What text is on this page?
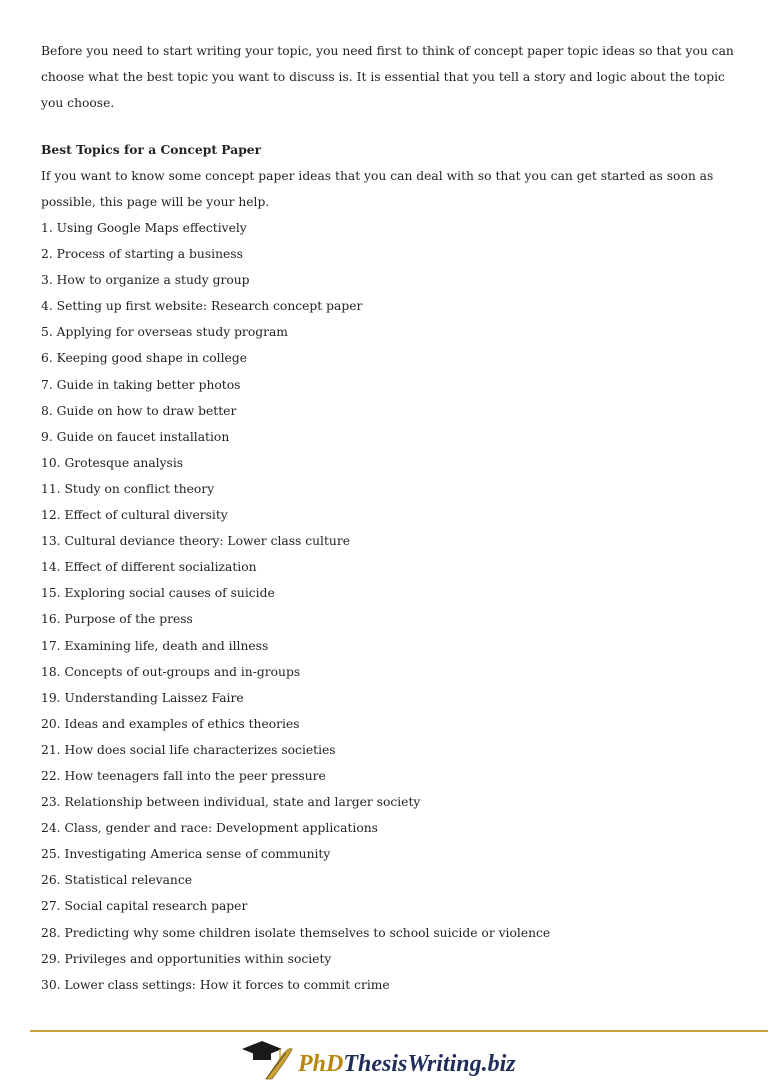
Before you need to start writing your topic, you need first to think of concept paper topic ideas so that you can choose what the best topic you want to discuss is. It is essential that you tell a story and logic about the topic you choose.

Best Topics for a Concept Paper

If you want to know some concept paper ideas that you can deal with so that you can get started as soon as possible, this page will be your help.

1. Using Google Maps effectively
2. Process of starting a business
3. How to organize a study group
4. Setting up first website: Research concept paper
5. Applying for overseas study program
6. Keeping good shape in college
7. Guide in taking better photos
8. Guide on how to draw better
9. Guide on faucet installation
10. Grotesque analysis
11. Study on conflict theory
12. Effect of cultural diversity
13. Cultural deviance theory: Lower class culture
14. Effect of different socialization
15. Exploring social causes of suicide
16. Purpose of the press
17. Examining life, death and illness
18. Concepts of out-groups and in-groups
19. Understanding Laissez Faire
20. Ideas and examples of ethics theories
21. How does social life characterizes societies
22. How teenagers fall into the peer pressure
23. Relationship between individual, state and larger society
24. Class, gender and race: Development applications
25. Investigating America sense of community
26. Statistical relevance
27. Social capital research paper
28. Predicting why some children isolate themselves to school suicide or violence
29. Privileges and opportunities within society
30. Lower class settings: How it forces to commit crime
PhDThesisWriting.biz
